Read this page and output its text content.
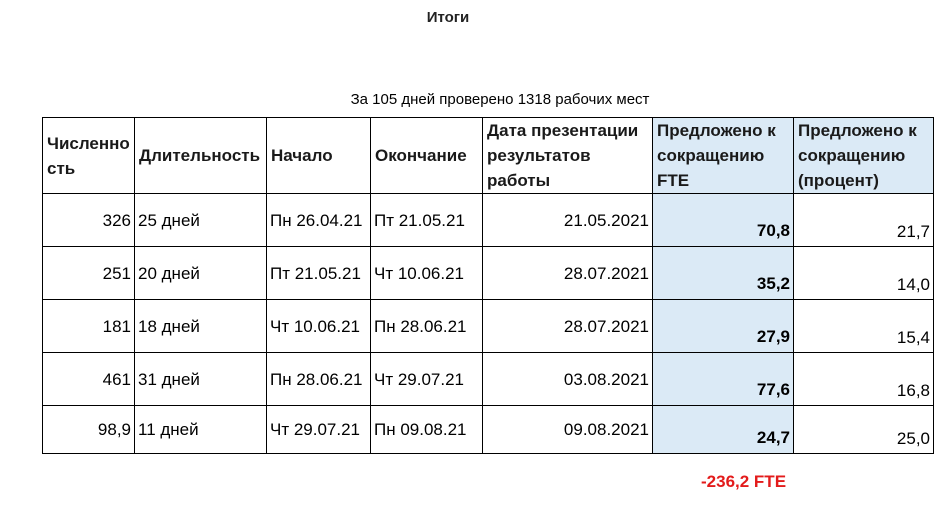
Итоги
За 105 дней проверено 1318 рабочих мест
Численно сть	Длительность	Начало	Окончание	Дата презентации результатов работы	Предложено к сокращению FTE	Предложено к сокращению (процент)
326	25 дней	Пн 26.04.21	Пт 21.05.21	21.05.2021	70,8	21,7
251	20 дней	Пт 21.05.21	Чт 10.06.21	28.07.2021	35,2	14,0
181	18 дней	Чт 10.06.21	Пн 28.06.21	28.07.2021	27,9	15,4
461	31 дней	Пн 28.06.21	Чт 29.07.21	03.08.2021	77,6	16,8
98,9	11 дней	Чт 29.07.21	Пн 09.08.21	09.08.2021	24,7	25,0
-236,2 FTE
